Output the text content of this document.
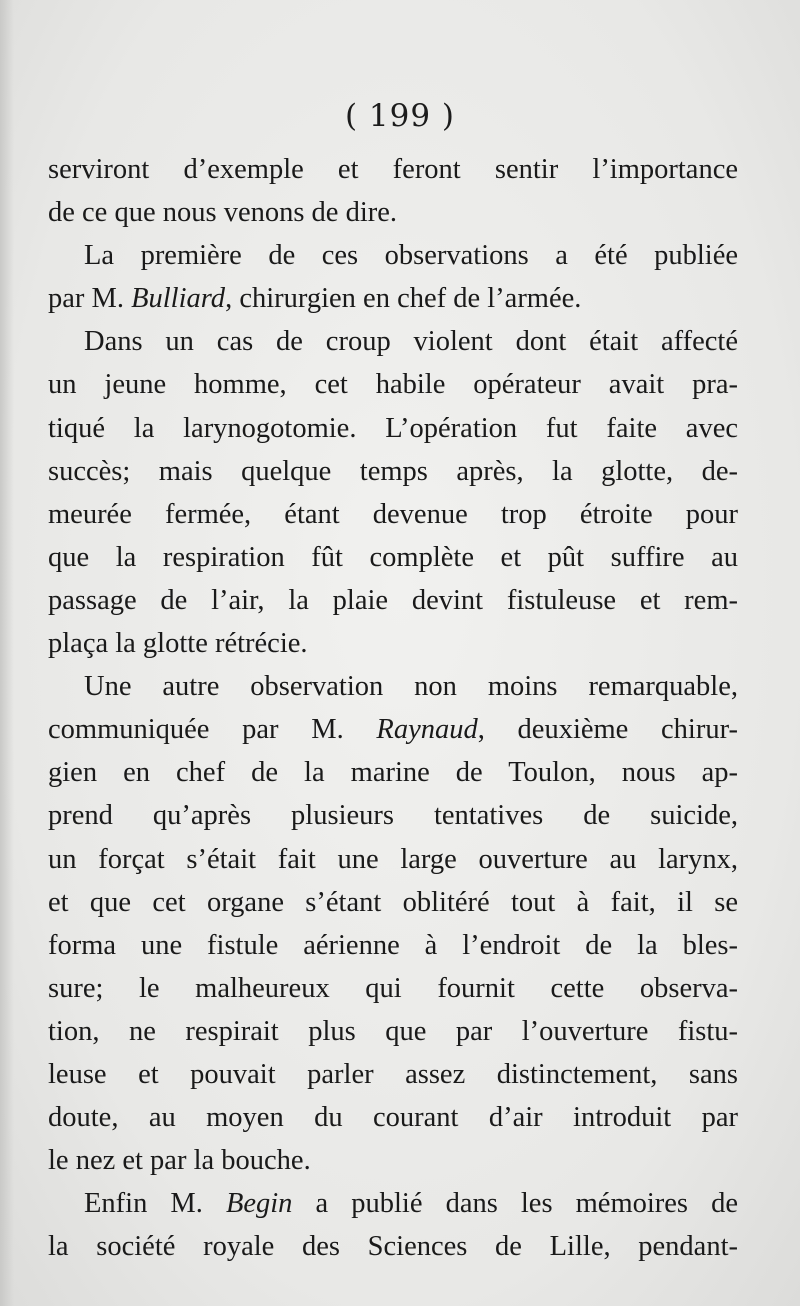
( 199 )
serviront d’exemple et feront sentir l’importance
de ce que nous venons de dire.
La première de ces observations a été publiée
par M. Bulliard, chirurgien en chef de l’armée.
Dans un cas de croup violent dont était affecté
un jeune homme, cet habile opérateur avait pra-
tiqué la larynogotomie. L’opération fut faite avec
succès; mais quelque temps après, la glotte, de-
meurée fermée, étant devenue trop étroite pour
que la respiration fût complète et pût suffire au
passage de l’air, la plaie devint fistuleuse et rem-
plaça la glotte rétrécie.
Une autre observation non moins remarquable,
communiquée par M. Raynaud, deuxième chirur-
gien en chef de la marine de Toulon, nous ap-
prend qu’après plusieurs tentatives de suicide,
un forçat s’était fait une large ouverture au larynx,
et que cet organe s’étant oblitéré tout à fait, il se
forma une fistule aérienne à l’endroit de la bles-
sure; le malheureux qui fournit cette observa-
tion, ne respirait plus que par l’ouverture fistu-
leuse et pouvait parler assez distinctement, sans
doute, au moyen du courant d’air introduit par
le nez et par la bouche.
Enfin M. Begin a publié dans les mémoires de
la société royale des Sciences de Lille, pendant-
